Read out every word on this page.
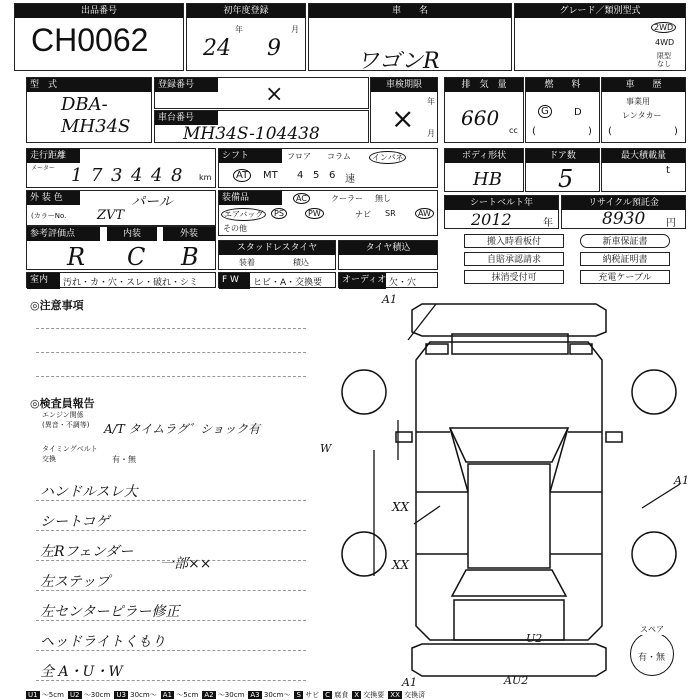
出品番号
CH0062
初年度登録
24
年
9
月
車　　名
ワゴンR
グレード／類別型式
2WD
4WD
限型
なし
型　式
DBA-
MH34S
登録番号	×
車台番号
MH34S-104438
車検期限
年
× 月
排　気　量
660
cc
燃　　料
G	D
(	)
車　　歴
事業用
レンタカー
(	)
走行距離
メーター 1 7 3 4 4 8	km
シフト	フロア コラム	インパネ
AT	MT 4 5 6 速
ボディ形状
HB
ドア数
5
最大積載量
t
外 装 色	パール
(カラーNo. ZVT
装備品	AC	クーラー 無し
エアバッグ	PS	PW	ナビ SR	AW
その他
シートベルト年
2012	年
リサイクル預託金
8930 円
参考評価点	内装	外装
R C B	スタッドレスタイヤ
装着	積込
タイヤ積込
搬入時看板付	新車保証書
自賠承認請求	納税証明書
抹消受付可	充電ケーブル
室内	汚れ・カ・穴・スレ・破れ・シミ	F W	ヒビ・A・交換要	オーディオ 欠・穴
◎注意事項
◎検査員報告
エンジン関係
(異音・不調等) A/T タイムラグ゛ショック有
タイミングベルト
交換	有・無
ハンドルスレ大
シートコゲ
左Rフェンダー
一部××
左ステップ
左センターピラー修正
ヘッドライトくもり
全 A・U・W
A1
W
A1
XX
XX
U2
A1	AU2
スペア
有・無
U1 ～5cm U2 ～30cm U3 30cm～ A1 ～5cm A2 ～30cm A3 30cm～ S サビ C 腐食 X 交換要 XX 交換済
